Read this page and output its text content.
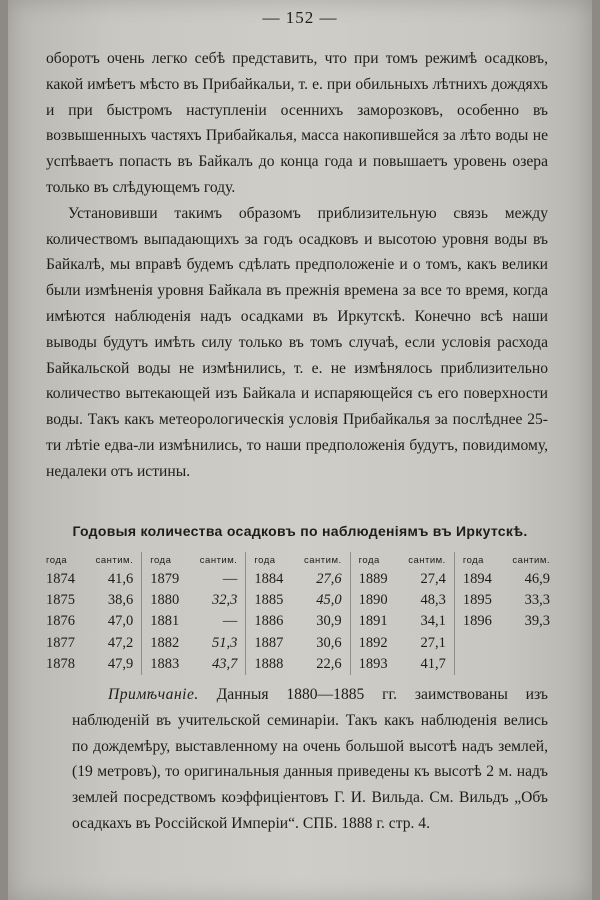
— 152 —

оборотъ очень легко себѣ представить, что при томъ режимѣ осадковъ, какой имѣетъ мѣсто въ Прибайкальи, т. е. при обильныхъ лѣтнихъ дождяхъ и при быстромъ наступленіи осеннихъ заморозковъ, особенно въ возвышенныхъ частяхъ Прибайкалья, масса накопившейся за лѣто воды не успѣваетъ попасть въ Байкалъ до конца года и повышаетъ уровень озера только въ слѣдующемъ году.

Установивши такимъ образомъ приблизительную связь между количествомъ выпадающихъ за годъ осадковъ и высотою уровня воды въ Байкалѣ, мы вправѣ будемъ сдѣлать предположеніе и о томъ, какъ велики были измѣненія уровня Байкала въ прежнія времена за все то время, когда имѣются наблюденія надъ осадками въ Иркутскѣ. Конечно всѣ наши выводы будутъ имѣть силу только въ томъ случаѣ, если условія расхода Байкальской воды не измѣнились, т. е. не измѣнялось приблизительно количество вытекающей изъ Байкала и испаряющейся съ его поверхности воды. Такъ какъ метеорологическія условія Прибайкалья за послѣднее 25-ти лѣтіе едва-ли измѣнились, то наши предположенія будутъ, повидимому, недалеки отъ истины.

Годовыя количества осадковъ по наблюденіямъ въ Иркутскѣ.
года	сантим.
1874	41,6
1875	38,6
1876	47,0
1877	47,2
1878	47,9
года	сантим.
1879	—
1880	32,3
1881	—
1882	51,3
1883	43,7
года	сантим.
1884	27,6
1885	45,0
1886	30,9
1887	30,6
1888	22,6
года	сантим.
1889	27,4
1890	48,3
1891	34,1
1892	27,1
1893	41,7
года	сантим.
1894	46,9
1895	33,3
1896	39,3

Примѣчаніе. Данныя 1880—1885 гг. заимствованы изъ наблюденій въ учительской семинаріи. Такъ какъ наблюденія велись по дождемѣру, выставленному на очень большой высотѣ надъ землей, (19 метровъ), то оригинальныя данныя приведены къ высотѣ 2 м. надъ землей посредствомъ коэффиціентовъ Г. И. Вильда. См. Вильдъ „Объ осадкахъ въ Россійской Имперіи“. СПБ. 1888 г. стр. 4.
